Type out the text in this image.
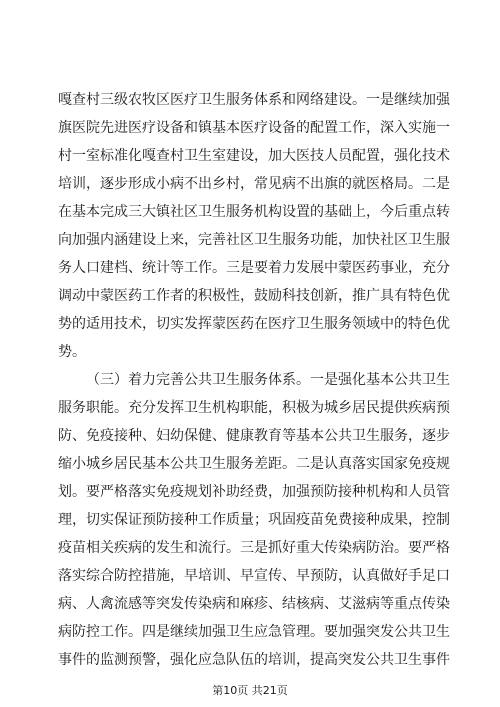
嘎查村三级农牧区医疗卫生服务体系和网络建设。一是继续加强
旗医院先进医疗设备和镇基本医疗设备的配置工作，深入实施一
村一室标准化嘎查村卫生室建设，加大医技人员配置，强化技术
培训，逐步形成小病不出乡村，常见病不出旗的就医格局。二是
在基本完成三大镇社区卫生服务机构设置的基础上，今后重点转
向加强内涵建设上来，完善社区卫生服务功能，加快社区卫生服
务人口建档、统计等工作。三是要着力发展中蒙医药事业，充分
调动中蒙医药工作者的积极性，鼓励科技创新，推广具有特色优
势的适用技术，切实发挥蒙医药在医疗卫生服务领域中的特色优
势。
（三）着力完善公共卫生服务体系。一是强化基本公共卫生
服务职能。充分发挥卫生机构职能，积极为城乡居民提供疾病预
防、免疫接种、妇幼保健、健康教育等基本公共卫生服务，逐步
缩小城乡居民基本公共卫生服务差距。二是认真落实国家免疫规
划。要严格落实免疫规划补助经费，加强预防接种机构和人员管
理，切实保证预防接种工作质量；巩固疫苗免费接种成果，控制
疫苗相关疾病的发生和流行。三是抓好重大传染病防治。要严格
落实综合防控措施，早培训、早宣传、早预防，认真做好手足口
病、人禽流感等突发传染病和麻疹、结核病、艾滋病等重点传染
病防控工作。四是继续加强卫生应急管理。要加强突发公共卫生
事件的监测预警，强化应急队伍的培训，提高突发公共卫生事件
第10页 共21页
